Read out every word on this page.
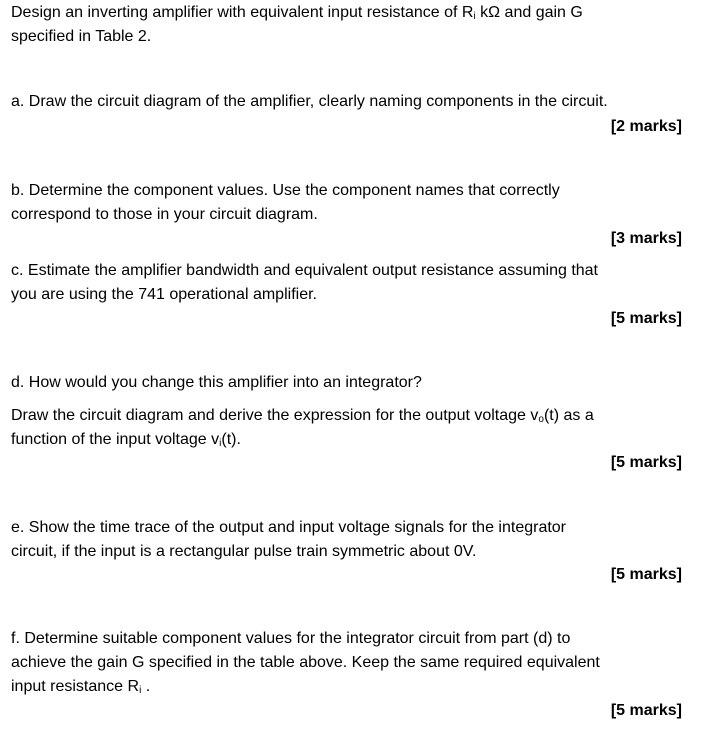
Design an inverting amplifier with equivalent input resistance of $R_i$ kΩ and gain G
specified in Table 2.

a. Draw the circuit diagram of the amplifier, clearly naming components in the circuit.

[2 marks]

b. Determine the component values. Use the component names that correctly
correspond to those in your circuit diagram.

[3 marks]

c. Estimate the amplifier bandwidth and equivalent output resistance assuming that
you are using the 741 operational amplifier.

[5 marks]

d. How would you change this amplifier into an integrator?

Draw the circuit diagram and derive the expression for the output voltage $v_o(t)$ as a
function of the input voltage $v_i(t)$.

[5 marks]

e. Show the time trace of the output and input voltage signals for the integrator
circuit, if the input is a rectangular pulse train symmetric about 0V.

[5 marks]

f. Determine suitable component values for the integrator circuit from part (d) to
achieve the gain G specified in the table above. Keep the same required equivalent
input resistance $R_i$ .

[5 marks]
